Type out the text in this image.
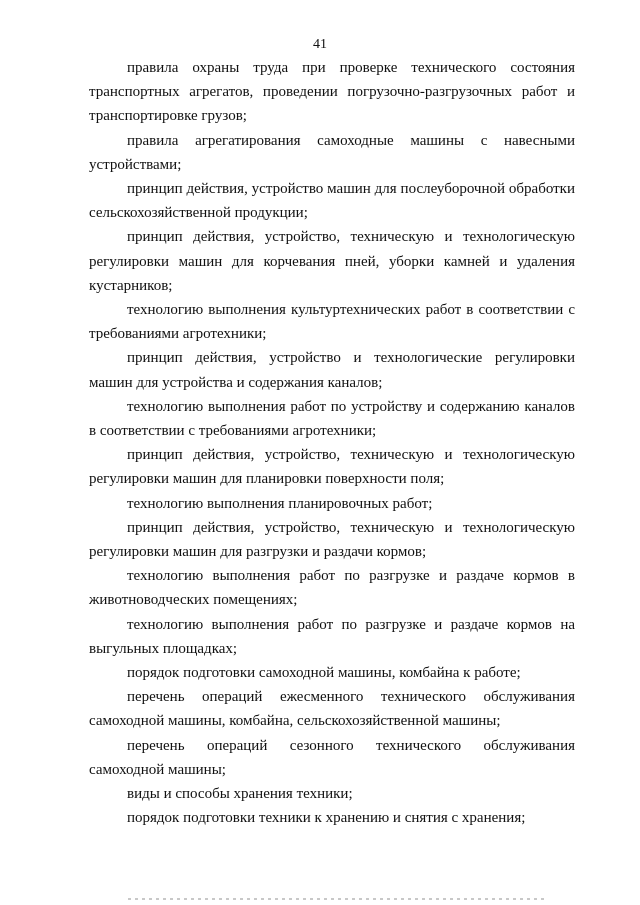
41

правила охраны труда при проверке технического состояния транспортных агрегатов, проведении погрузочно-разгрузочных работ и транспортировке грузов;

правила агрегатирования самоходные машины с навесными устройствами;

принцип действия, устройство машин для послеуборочной обработки сельскохозяйственной продукции;

принцип действия, устройство, техническую и технологическую регулировки машин для корчевания пней, уборки камней и удаления кустарников;

технологию выполнения культуртехнических работ в соответствии с требованиями агротехники;

принцип действия, устройство и технологические регулировки машин для устройства и содержания каналов;

технологию выполнения работ по устройству и содержанию каналов в соответствии с требованиями агротехники;

принцип действия, устройство, техническую и технологическую регулировки машин для планировки поверхности поля;

технологию выполнения планировочных работ;

принцип действия, устройство, техническую и технологическую регулировки машин для разгрузки и раздачи кормов;

технологию выполнения работ по разгрузке и раздаче кормов в животноводческих помещениях;

технологию выполнения работ по разгрузке и раздаче кормов на выгульных площадках;

порядок подготовки самоходной машины, комбайна к работе;

перечень операций ежесменного технического обслуживания самоходной машины, комбайна, сельскохозяйственной машины;

перечень операций сезонного технического обслуживания самоходной машины;

виды и способы хранения техники;

порядок подготовки техники к хранению и снятия с хранения;
